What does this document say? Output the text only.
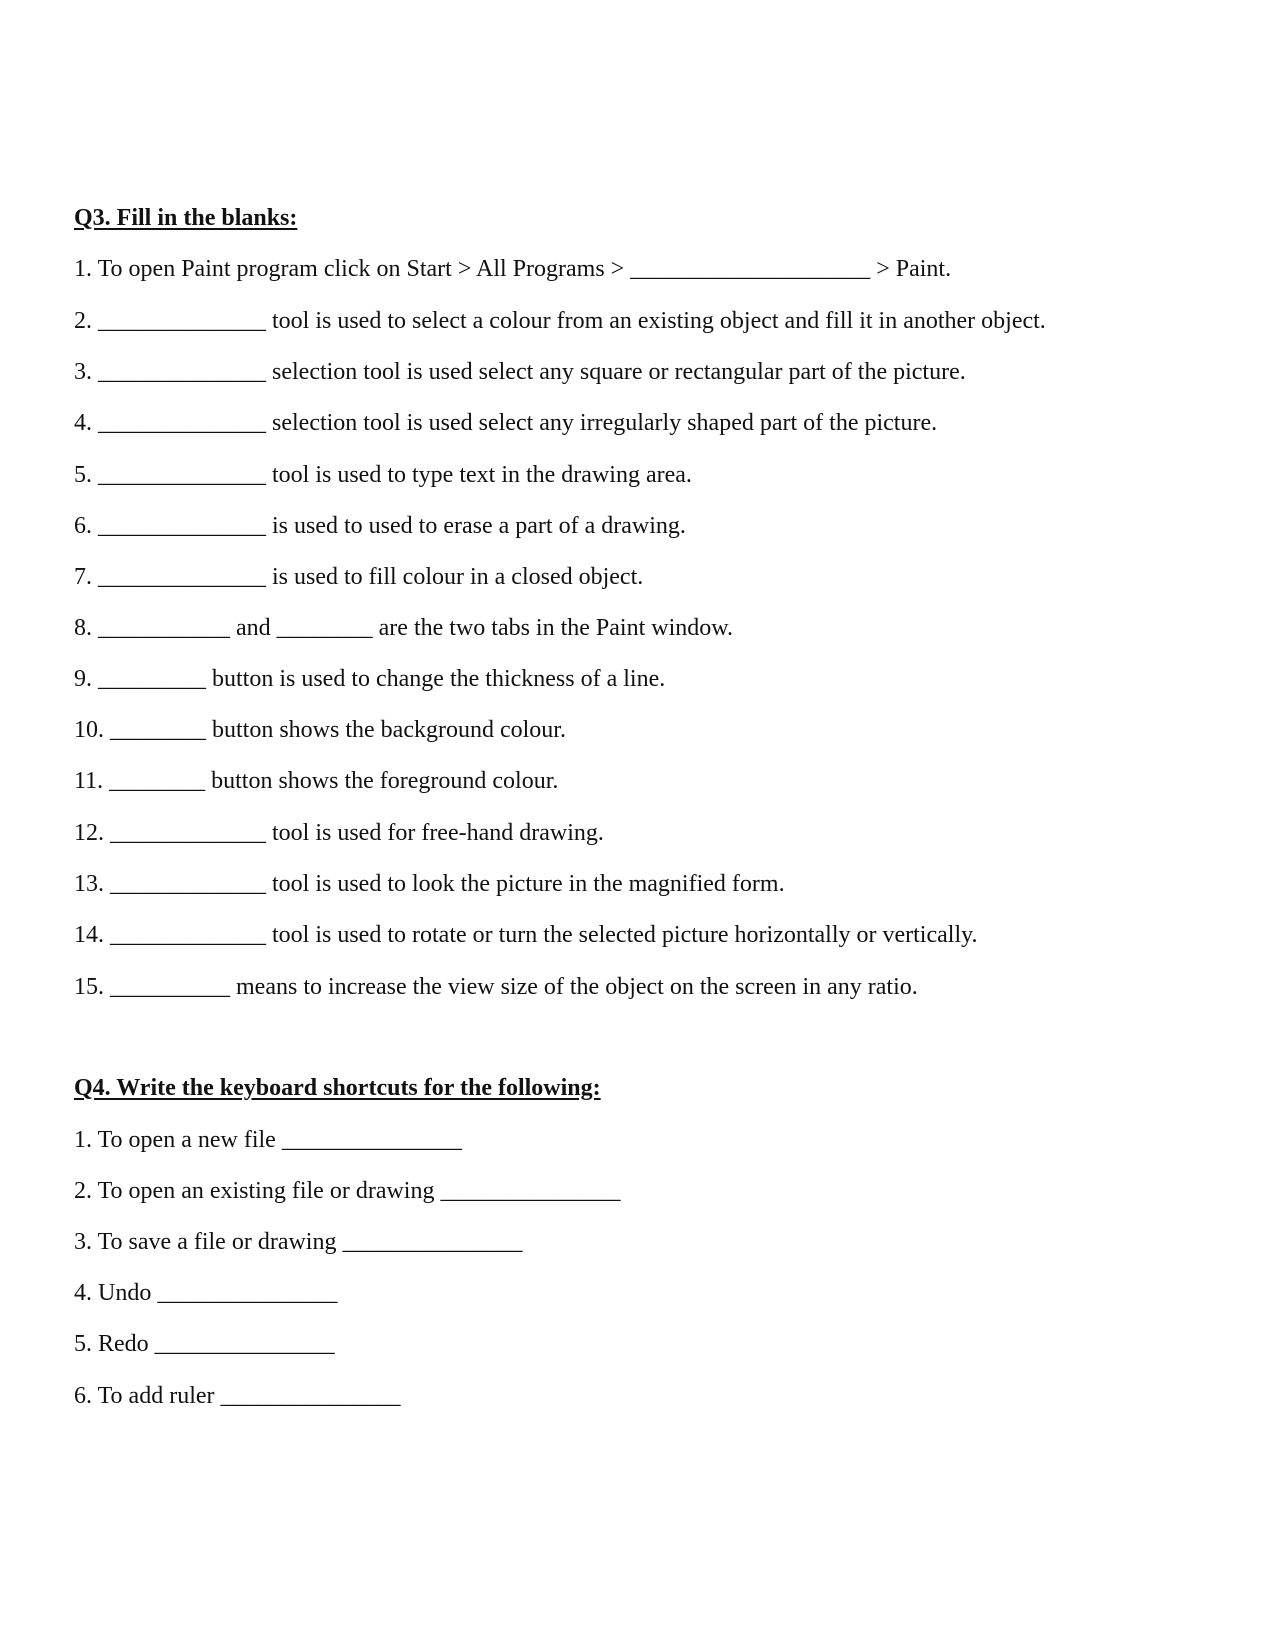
Q3. Fill in the blanks:
1. To open Paint program click on Start > All Programs > ____________________ > Paint.
2. ______________ tool is used to select a colour from an existing object and fill it in another object.
3. ______________ selection tool is used select any square or rectangular part of the picture.
4. ______________ selection tool is used select any irregularly shaped part of the picture.
5. ______________ tool is used to type text in the drawing area.
6. ______________ is used to used to erase a part of a drawing.
7. ______________ is used to fill colour in a closed object.
8. ___________ and ________ are the two tabs in the Paint window.
9. _________ button is used to change the thickness of a line.
10. ________ button shows the background colour.
11. ________ button shows the foreground colour.
12. _____________ tool is used for free-hand drawing.
13. _____________ tool is used to look the picture in the magnified form.
14. _____________ tool is used to rotate or turn the selected picture horizontally or vertically.
15. __________ means to increase the view size of the object on the screen in any ratio.
Q4. Write the keyboard shortcuts for the following:
1. To open a new file _______________
2. To open an existing file or drawing _______________
3. To save a file or drawing _______________
4. Undo _______________
5. Redo _______________
6. To add ruler _______________
